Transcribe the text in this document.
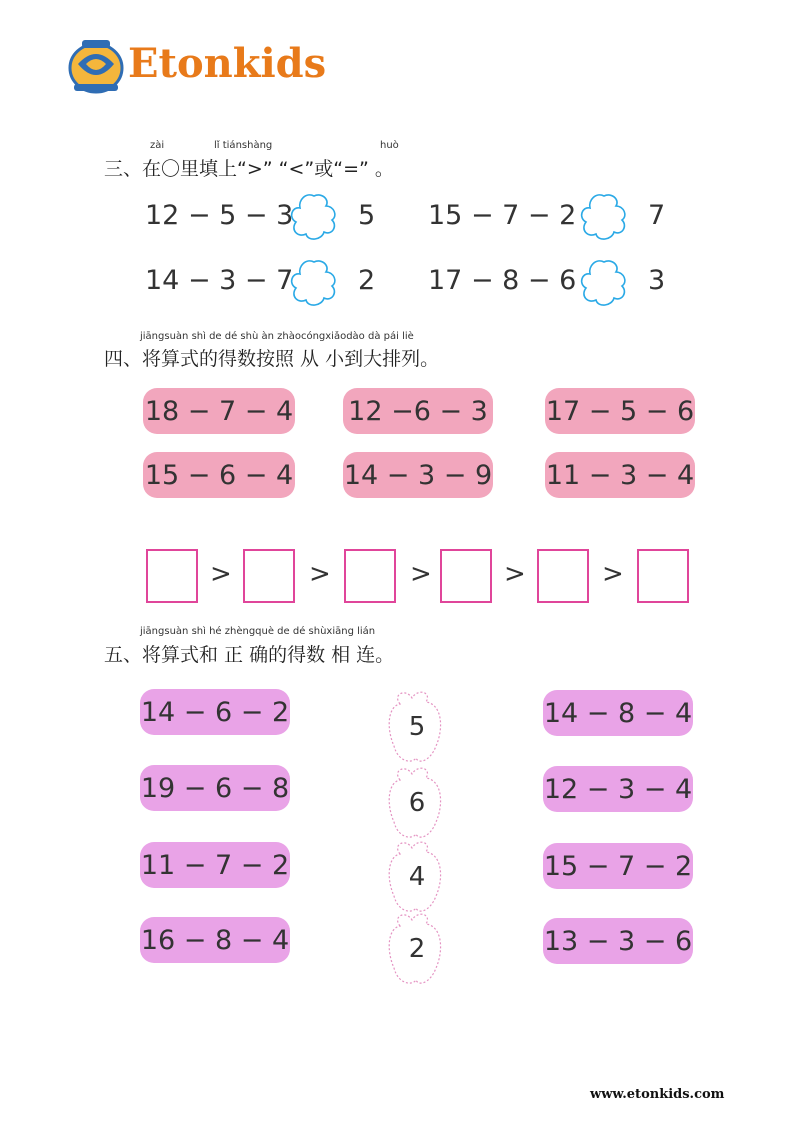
Etonkids
zài	lǐ tiánshàng	huò
三、在〇里填上“>” “<”或“=” 。
12 − 5 − 3 5 15 − 7 − 2	7
14 − 3 − 7 2 17 − 8 − 6	3
jiāngsuàn shì de dé shù àn zhàocóngxiǎodào dà pái liè
四、将算式的得数按照 从 小到大排列。
18 − 7 − 4 12 −6 − 3 17 − 5 − 6
15 − 6 − 4 14 − 3 − 9 11 − 3 − 4
>	>	>	>	>
jiāngsuàn shì hé zhèngquè de dé shùxiāng lián
五、将算式和 正 确的得数 相 连。
14 − 6 − 2
19 − 6 − 8
11 − 7 − 2
16 − 8 − 4
5
6
4
2
14 − 8 − 4
12 − 3 − 4
15 − 7 − 2
13 − 3 − 6
www.etonkids.com
